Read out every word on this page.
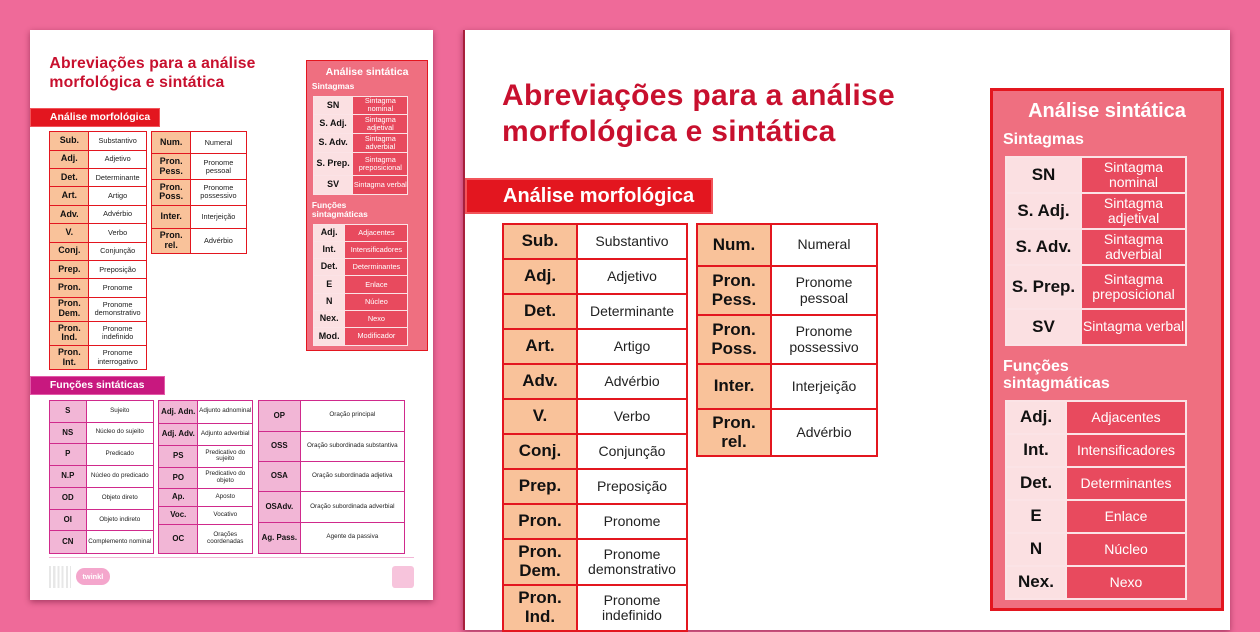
Abreviações para a análise morfológica e sintática
Análise morfológica
Sub.	Substantivo
Adj.	Adjetivo
Det.	Determinante
Art.	Artigo
Adv.	Advérbio
V.	Verbo
Conj.	Conjunção
Prep.	Preposição
Pron.	Pronome
Pron. Dem.	Pronome demonstrativo
Pron. Ind.	Pronome indefinido
Pron. Int.	Pronome interrogativo
Num.	Numeral
Pron. Pess.	Pronome pessoal
Pron. Poss.	Pronome possessivo
Inter.	Interjeição
Pron. rel.	Advérbio
Análise sintática
Sintagmas
SN	Sintagma nominal
S. Adj.	Sintagma adjetival
S. Adv.	Sintagma adverbial
S. Prep.	Sintagma preposicional
SV	Sintagma verbal
Funções sintagmáticas
Adj.	Adjacentes
Int.	Intensificadores
Det.	Determinantes
E	Enlace
N	Núcleo
Nex.	Nexo
Mod.	Modificador
Funções sintáticas
S	Sujeito
NS	Núcleo do sujeito
P	Predicado
N.P	Núcleo do predicado
OD	Objeto direto
OI	Objeto indireto
CN	Complemento nominal
Adj. Adn.	Adjunto adnominal
Adj. Adv.	Adjunto adverbial
PS	Predicativo do sujeito
PO	Predicativo do objeto
Ap.	Aposto
Voc.	Vocativo
OC	Orações coordenadas
OP	Oração principal
OSS	Oração subordinada substantiva
OSA	Oração subordinada adjetiva
OSAdv.	Oração subordinada adverbial
Ag. Pass.	Agente da passiva
twinkl
Abreviações para a análise morfológica e sintática
Análise morfológica
Sub.	Substantivo
Adj.	Adjetivo
Det.	Determinante
Art.	Artigo
Adv.	Advérbio
V.	Verbo
Conj.	Conjunção
Prep.	Preposição
Pron.	Pronome
Pron. Dem.	Pronome demonstrativo
Pron. Ind.	Pronome indefinido
Num.	Numeral
Pron. Pess.	Pronome pessoal
Pron. Poss.	Pronome possessivo
Inter.	Interjeição
Pron. rel.	Advérbio
Análise sintática
Sintagmas
SN	Sintagma nominal
S. Adj.	Sintagma adjetival
S. Adv.	Sintagma adverbial
S. Prep.	Sintagma preposicional
SV	Sintagma verbal
Funções sintagmáticas
Adj.	Adjacentes
Int.	Intensificadores
Det.	Determinantes
E	Enlace
N	Núcleo
Nex.	Nexo
